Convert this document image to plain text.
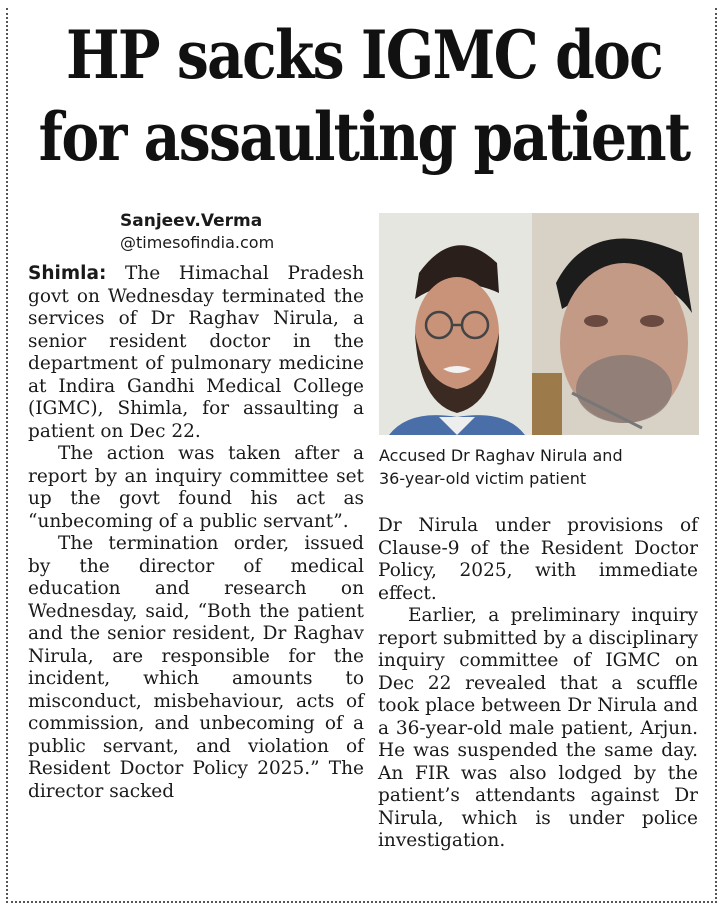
HP sacks IGMC doc
for assaulting patient
Sanjeev.Verma
@timesofindia.com

Shimla: The Himachal Pradesh govt on Wednesday terminated the services of Dr Raghav Nirula, a senior resident doctor in the department of pulmonary medicine at Indira Gandhi Medical College (IGMC), Shimla, for assaulting a patient on Dec 22.

The action was taken after a report by an inquiry committee set up the govt found his act as “unbecoming of a public servant”.

The termination order, issued by the director of medical education and research on Wednesday, said, “Both the patient and the senior resident, Dr Raghav Nirula, are responsible for the incident, which amounts to misconduct, misbehaviour, acts of commission, and unbecoming of a public servant, and violation of Resident Doctor Policy 2025.” The director sacked

Accused Dr Raghav Nirula and
36-year-old victim patient

Dr Nirula under provisions of Clause-9 of the Resident Doctor Policy, 2025, with immediate effect.

Earlier, a preliminary inquiry report submitted by a disciplinary inquiry committee of IGMC on Dec 22 revealed that a scuffle took place between Dr Nirula and a 36-year-old male patient, Arjun. He was suspended the same day. An FIR was also lodged by the patient’s attendants against Dr Nirula, which is under police investigation.
